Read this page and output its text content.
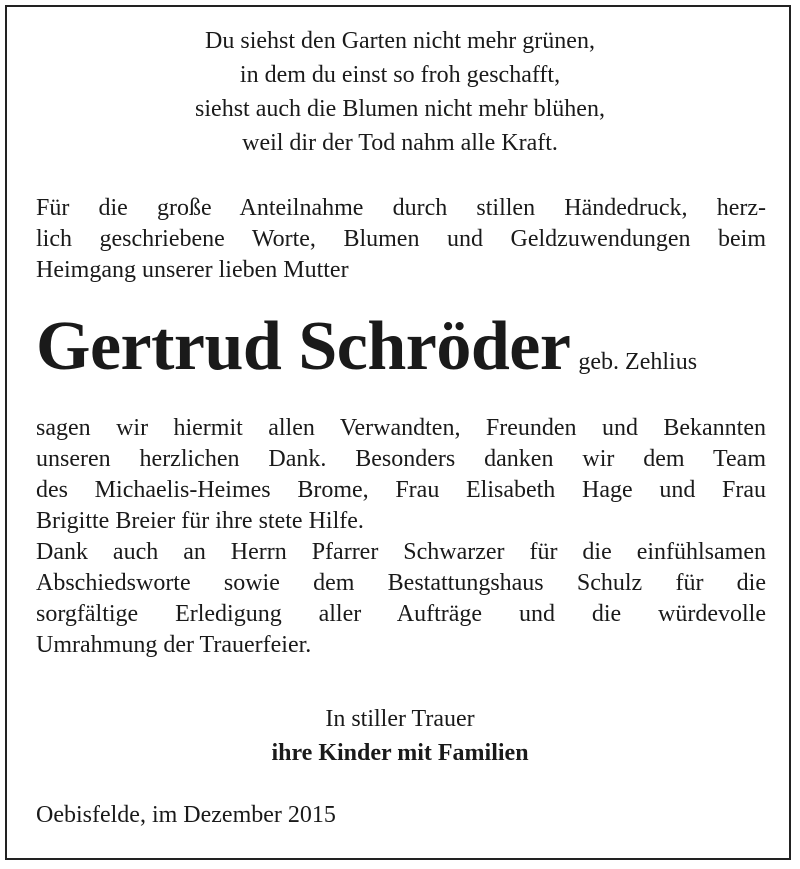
Du siehst den Garten nicht mehr grünen,
in dem du einst so froh geschafft,
siehst auch die Blumen nicht mehr blühen,
weil dir der Tod nahm alle Kraft.
Für die große Anteilnahme durch stillen Händedruck, herz-
lich geschriebene Worte, Blumen und Geldzuwendungen beim
Heimgang unserer lieben Mutter
Gertrud Schröder geb. Zehlius
sagen wir hiermit allen Verwandten, Freunden und Bekannten
unseren herzlichen Dank. Besonders danken wir dem Team
des Michaelis-Heimes Brome, Frau Elisabeth Hage und Frau
Brigitte Breier für ihre stete Hilfe.
Dank auch an Herrn Pfarrer Schwarzer für die einfühlsamen
Abschiedsworte sowie dem Bestattungshaus Schulz für die
sorgfältige Erledigung aller Aufträge und die würdevolle
Umrahmung der Trauerfeier.
In stiller Trauer
ihre Kinder mit Familien
Oebisfelde, im Dezember 2015
